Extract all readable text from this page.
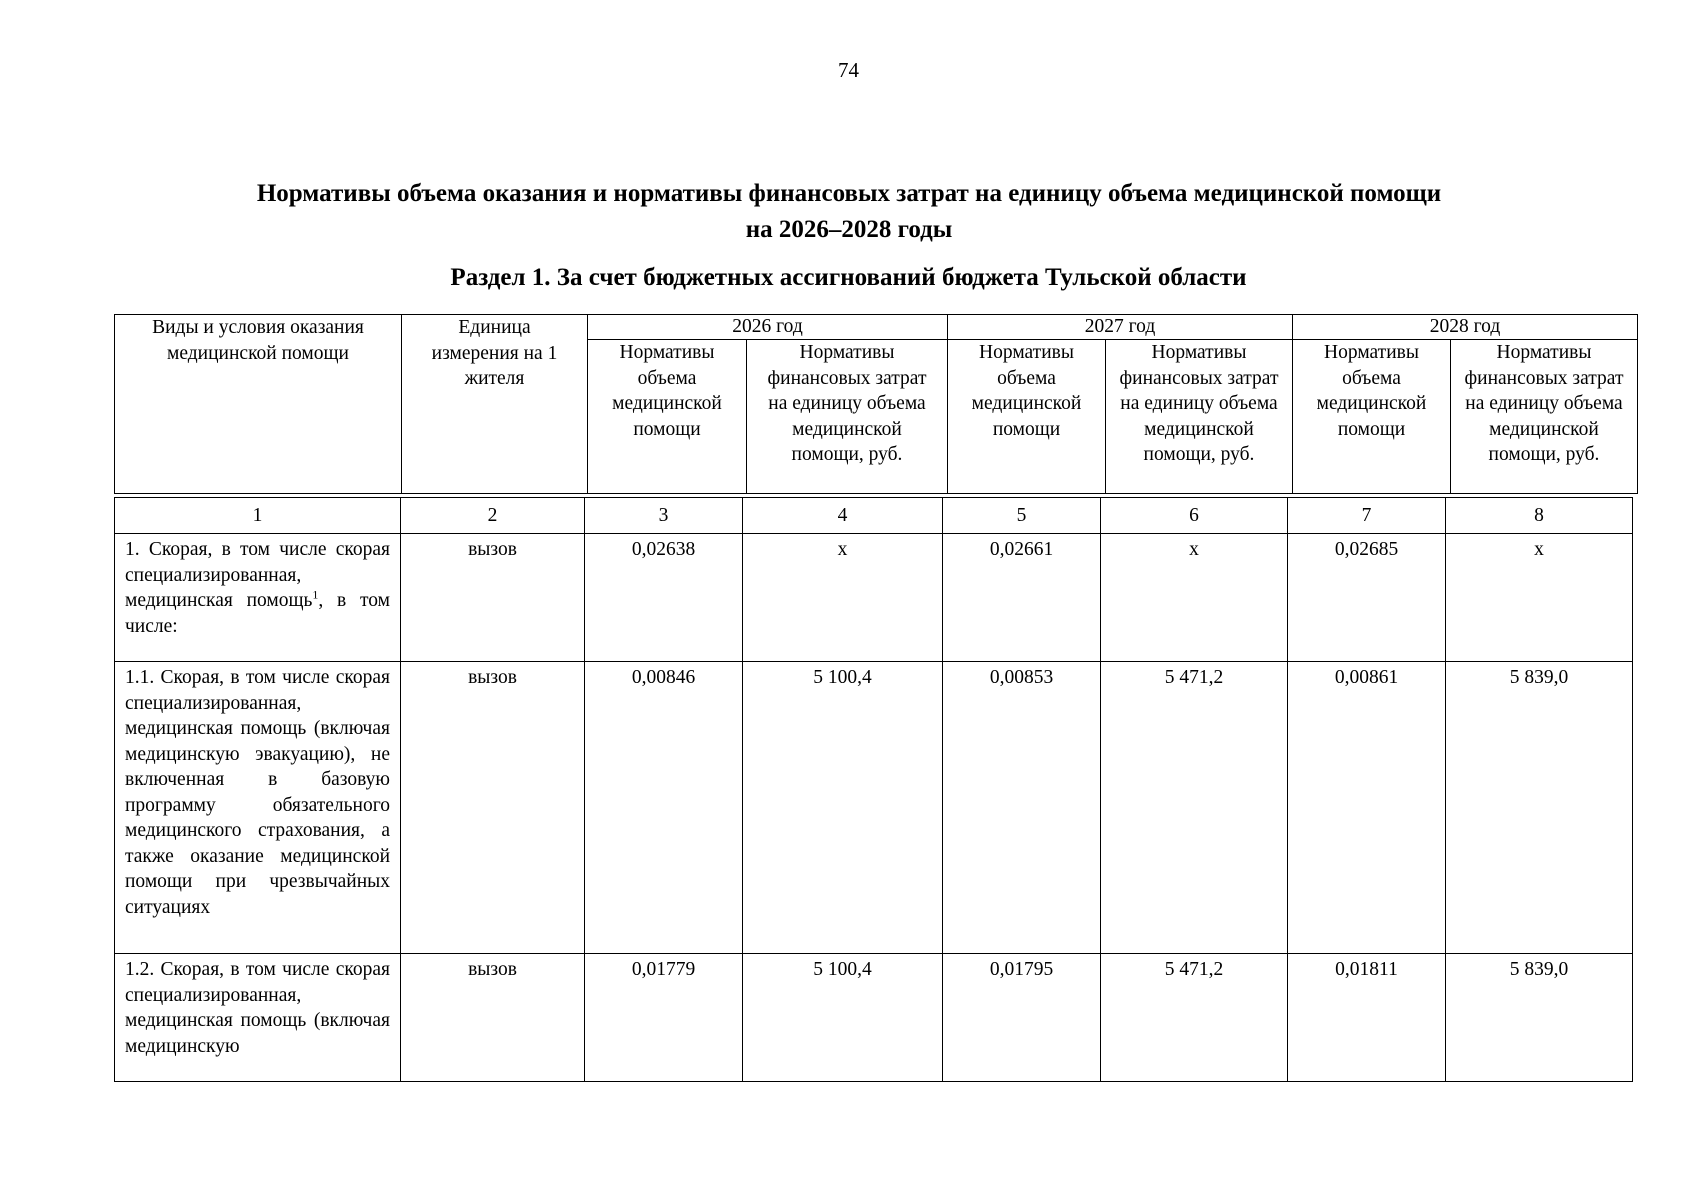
74
Нормативы объема оказания и нормативы финансовых затрат на единицу объема медицинской помощи
на 2026–2028 годы
Раздел 1. За счет бюджетных ассигнований бюджета Тульской области
Виды и условия оказания медицинской помощи	Единица измерения на 1 жителя	2026 год		2027 год		2028 год	
		Нормативы объема медицинской помощи	Нормативы финансовых затрат на единицу объема медицинской помощи, руб.	Нормативы объема медицинской помощи	Нормативы финансовых затрат на единицу объема медицинской помощи, руб.	Нормативы объема медицинской помощи	Нормативы финансовых затрат на единицу объема медицинской помощи, руб.
1	2	3	4	5	6	7	8
1. Скорая, в том числе скорая специализированная, медицинская помощь$^1$, в том числе:	вызов	0,02638	х	0,02661	х	0,02685	х
1.1. Скорая, в том числе скорая специализированная, медицинская помощь (включая медицинскую эвакуацию), не включенная в базовую программу обязательного медицинского страхования, а также оказание медицинской помощи при чрезвычайных ситуациях	вызов	0,00846	5 100,4	0,00853	5 471,2	0,00861	5 839,0
1.2. Скорая, в том числе скорая специализированная, медицинская помощь (включая медицинскую	вызов	0,01779	5 100,4	0,01795	5 471,2	0,01811	5 839,0
